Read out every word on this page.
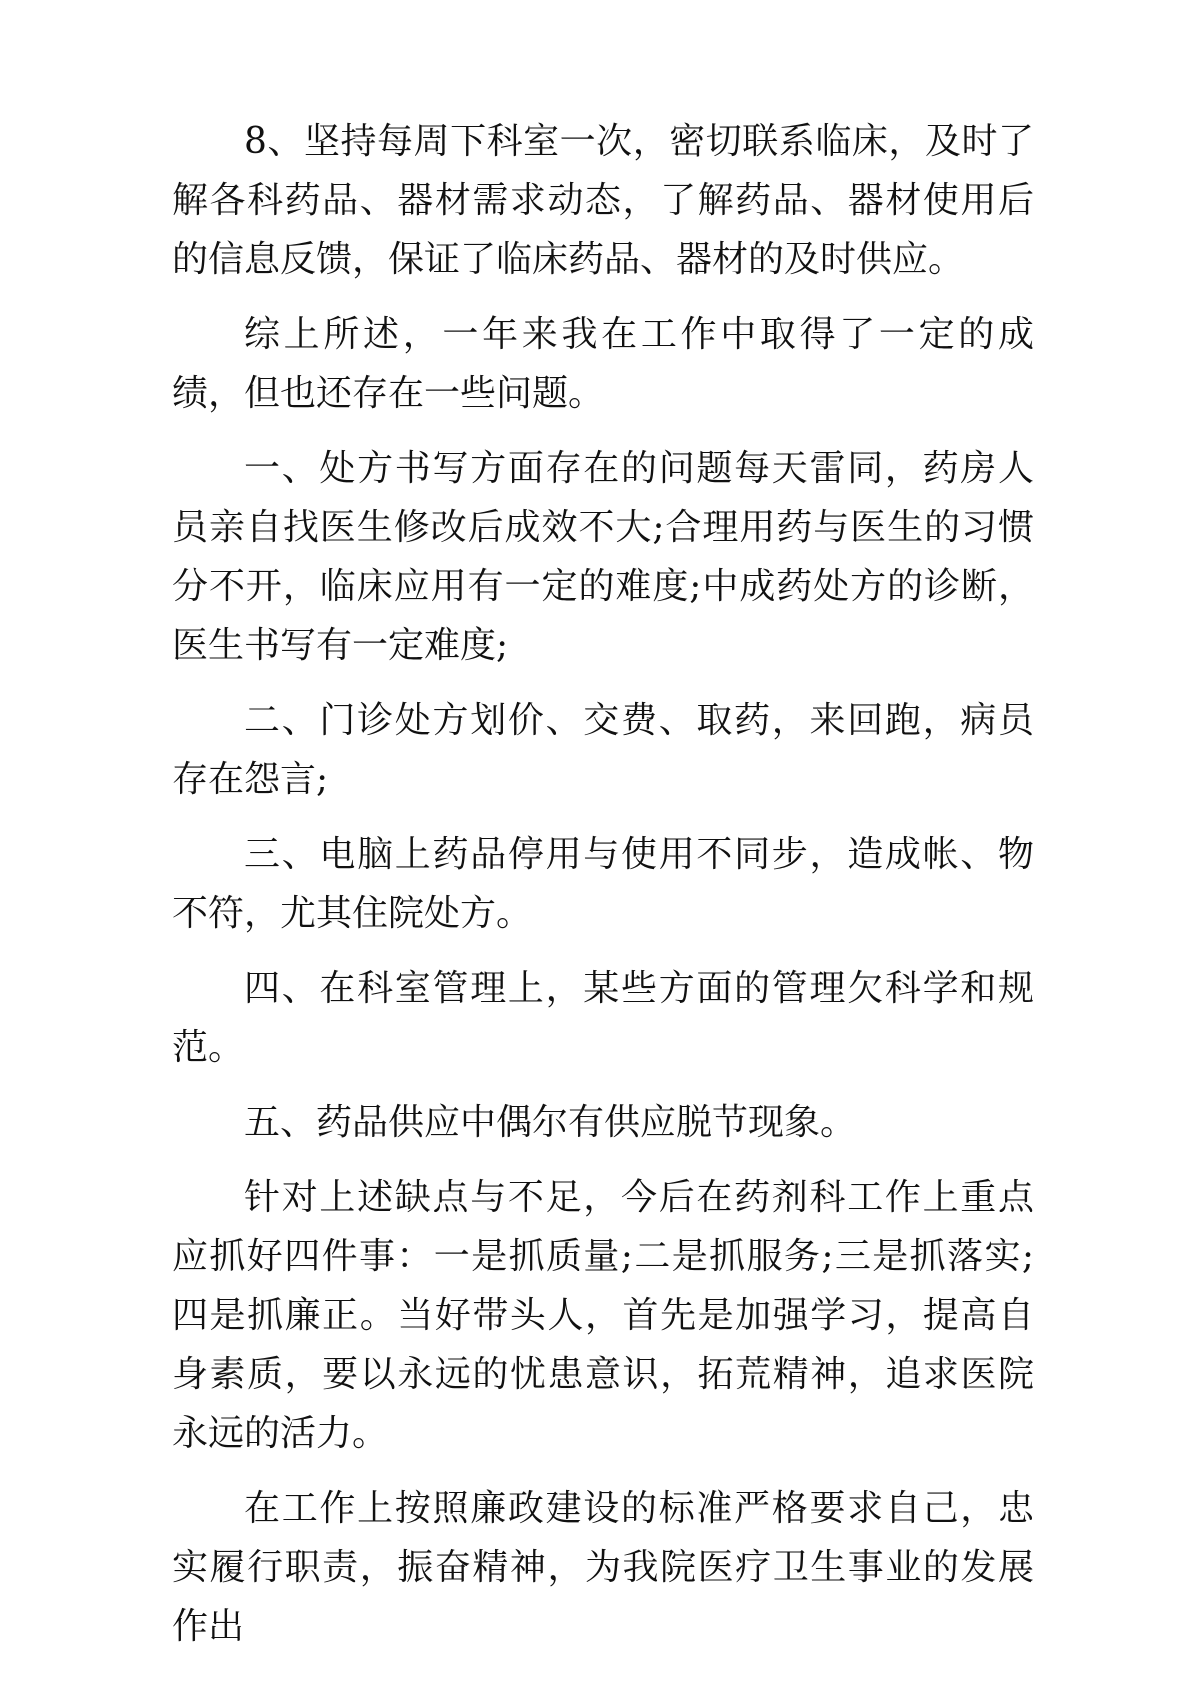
8、坚持每周下科室一次，密切联系临床，及时了解各科药品、器材需求动态，了解药品、器材使用后的信息反馈，保证了临床药品、器材的及时供应。

综上所述，一年来我在工作中取得了一定的成绩，但也还存在一些问题。

一、处方书写方面存在的问题每天雷同，药房人员亲自找医生修改后成效不大;合理用药与医生的习惯分不开，临床应用有一定的难度;中成药处方的诊断，医生书写有一定难度;

二、门诊处方划价、交费、取药，来回跑，病员存在怨言;

三、电脑上药品停用与使用不同步，造成帐、物不符，尤其住院处方。

四、在科室管理上，某些方面的管理欠科学和规范。

五、药品供应中偶尔有供应脱节现象。

针对上述缺点与不足，今后在药剂科工作上重点应抓好四件事：一是抓质量;二是抓服务;三是抓落实;四是抓廉正。当好带头人，首先是加强学习，提高自身素质，要以永远的忧患意识，拓荒精神，追求医院永远的活力。

在工作上按照廉政建设的标准严格要求自己，忠实履行职责，振奋精神，为我院医疗卫生事业的发展作出
